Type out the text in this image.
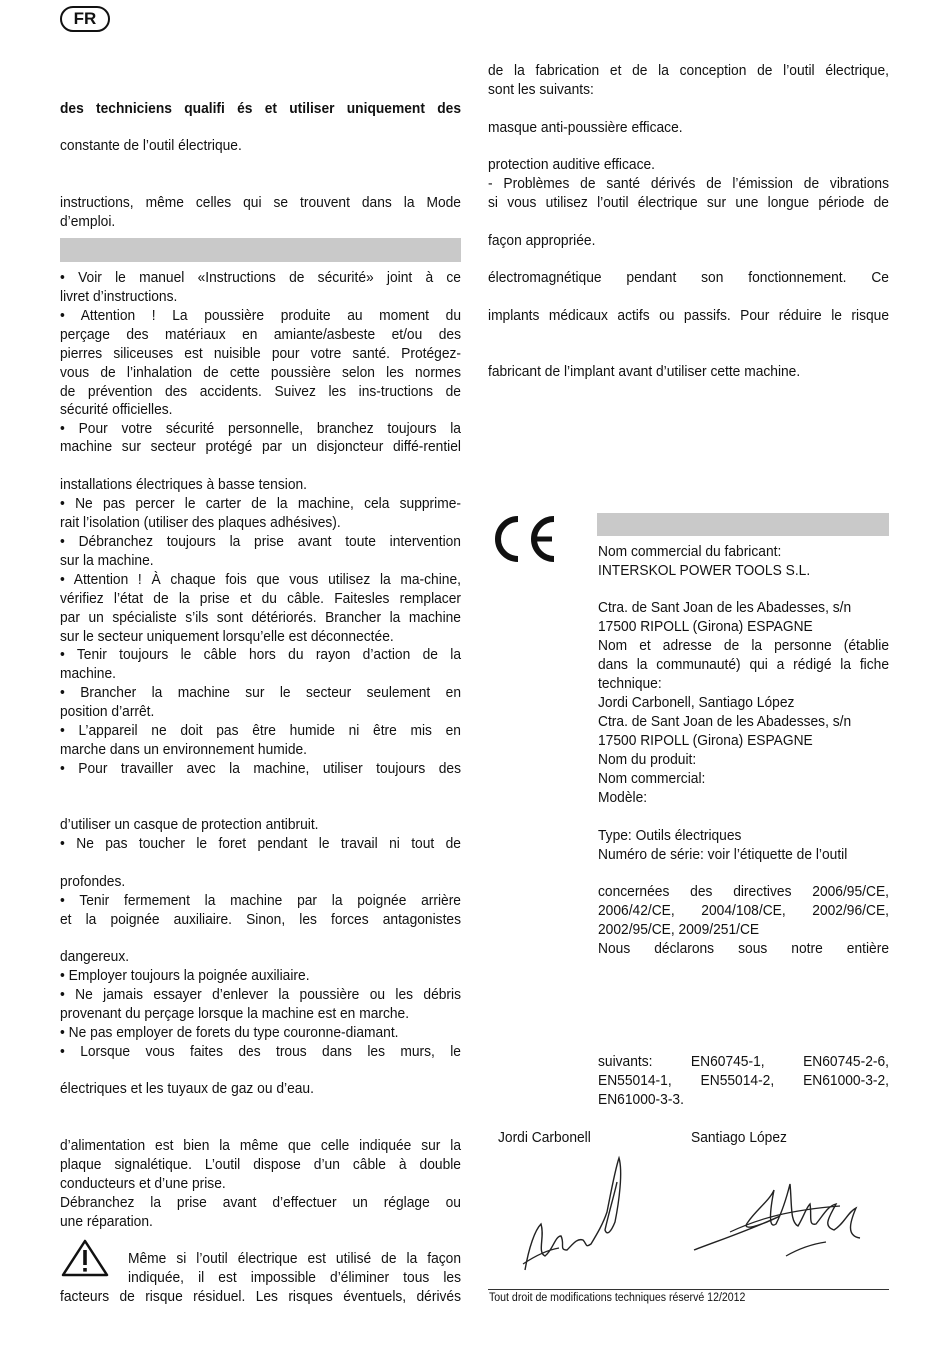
FR
des techniciens qualifi és et utiliser uniquement des
constante de l’outil électrique.
instructions, même celles qui se trouvent dans la Mode
d’emploi.
• Voir le manuel «Instructions de sécurité» joint à ce
livret d’instructions.
• Attention ! La poussière produite au moment du
perçage des matériaux en amiante/asbeste et/ou des
pierres siliceuses est nuisible pour votre santé. Protégez-
vous de l’inhalation de cette poussière selon les normes
de prévention des accidents. Suivez les ins-tructions de
sécurité officielles.
• Pour votre sécurité personnelle, branchez toujours la
machine sur secteur protégé par un disjoncteur diffé-rentiel
installations électriques à basse tension.
• Ne pas percer le carter de la machine, cela supprime-
rait l’isolation (utiliser des plaques adhésives).
• Débranchez toujours la prise avant toute intervention
sur la machine.
• Attention ! À chaque fois que vous utilisez la ma-chine,
vérifiez l’état de la prise et du câble. Faitesles remplacer
par un spécialiste s’ils sont détériorés. Brancher la machine
sur le secteur uniquement lorsqu’elle est déconnectée.
• Tenir toujours le câble hors du rayon d’action de la
machine.
• Brancher la machine sur le secteur seulement en
position d’arrêt.
• L’appareil ne doit pas être humide ni être mis en
marche dans un environnement humide.
• Pour travailler avec la machine, utiliser toujours des
d’utiliser un casque de protection antibruit.
• Ne pas toucher le foret pendant le travail ni tout de
profondes.
• Tenir fermement la machine par la poignée arrière
et la poignée auxiliaire. Sinon, les forces antagonistes
dangereux.
• Employer toujours la poignée auxiliaire.
• Ne jamais essayer d’enlever la poussière ou les débris
provenant du perçage lorsque la machine est en marche.
• Ne pas employer de forets du type couronne-diamant.
• Lorsque vous faites des trous dans les murs, le
électriques et les tuyaux de gaz ou d’eau.
d’alimentation est bien la même que celle indiquée sur la
plaque signalétique. L’outil dispose d’un câble à double
conducteurs et d’une prise.
Débranchez la prise avant d’effectuer un réglage ou
une réparation.
Même si l’outil électrique est utilisé de la façon
indiquée, il est impossible d’éliminer tous les
facteurs de risque résiduel. Les risques éventuels, dérivés
de la fabrication et de la conception de l’outil électrique,
sont les suivants:
masque anti-poussière efficace.
protection auditive efficace.
- Problèmes de santé dérivés de l’émission de vibrations
si vous utilisez l’outil électrique sur une longue période de
façon appropriée.
électromagnétique pendant son fonctionnement. Ce
implants médicaux actifs ou passifs. Pour réduire le risque
fabricant de l’implant avant d’utiliser cette machine.
Nom commercial du fabricant:
INTERSKOL POWER TOOLS S.L.
Ctra. de Sant Joan de les Abadesses, s/n
17500 RIPOLL (Girona) ESPAGNE
Nom et adresse de la personne (établie
dans la communauté) qui a rédigé la fiche
technique:
Jordi Carbonell, Santiago López
Ctra. de Sant Joan de les Abadesses, s/n
17500 RIPOLL (Girona) ESPAGNE
Nom du produit:
Nom commercial:
Modèle:
Type: Outils électriques
Numéro de série: voir l’étiquette de l’outil
concernées des directives 2006/95/CE,
2006/42/CE, 2004/108/CE, 2002/96/CE,
2002/95/CE, 2009/251/CE
Nous déclarons sous notre entière
suivants: EN60745-1, EN60745-2-6,
EN55014-1, EN55014-2, EN61000-3-2,
EN61000-3-3.
Jordi Carbonell	Santiago López
Tout droit de modifications techniques réservé 12/2012
